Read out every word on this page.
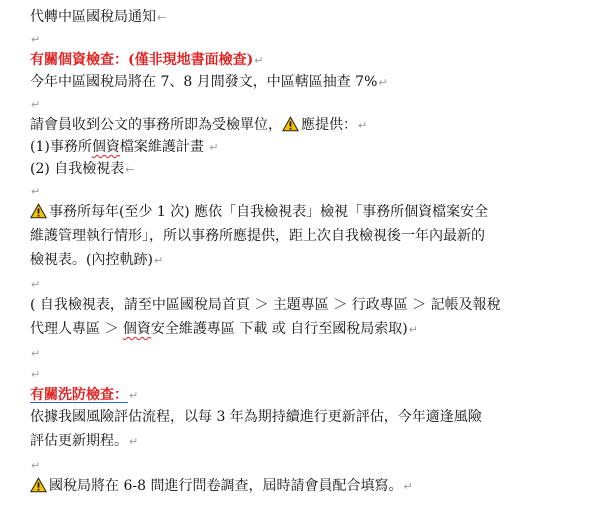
代轉中區國稅局通知←
↵
有關個資檢查：(僅非現地書面檢查)↵
今年中區國稅局將在 7、8 月間發文，中區轄區抽查 7%↵
↵
請會員收到公文的事務所即為受檢單位， 應提供：↵
(1)事務所個資檔案維護計畫 ↵
(2) 自我檢視表←
↵
事務所每年(至少 1 次) 應依「自我檢視表」檢視「事務所個資檔案安全
維護管理執行情形」，所以事務所應提供，距上次自我檢視後一年內最新的
檢視表。(內控軌跡)↵
↵
( 自我檢視表，請至中區國稅局首頁 ＞ 主題專區 ＞ 行政專區 ＞ 記帳及報稅
代理人專區 ＞ 個資安全維護專區 下載 或 自行至國稅局索取)↵
↵
↵
有關洗防檢查：↵
依據我國風險評估流程，以每 3 年為期持續進行更新評估，今年適逢風險
評估更新期程。↵
↵
國稅局將在 6-8 間進行問卷調查，屆時請會員配合填寫。↵
